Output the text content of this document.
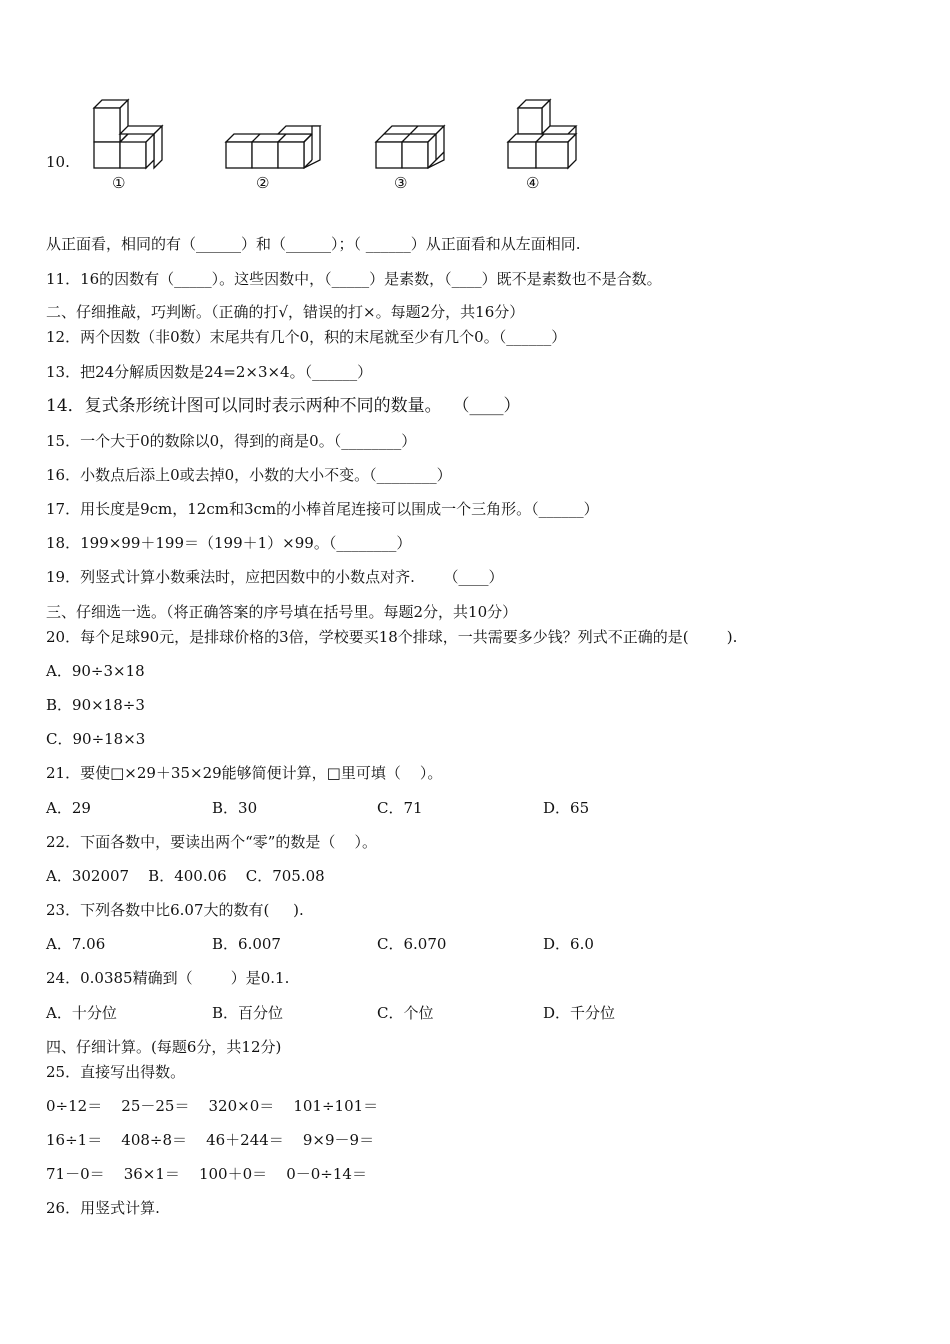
10.
①	②	③	④
从正面看，相同的有（______）和（______）；（ ______）从正面看和从左面相同.
11．16的因数有（_____）。这些因数中，（_____）是素数，（____）既不是素数也不是合数。
二、仔细推敲，巧判断。（正确的打√，错误的打×。每题2分，共16分）
12．两个因数（非0数）末尾共有几个0，积的末尾就至少有几个0。（______）
13．把24分解质因数是24=2×3×4。（______）
14．复式条形统计图可以同时表示两种不同的数量。  （____）
15．一个大于0的数除以0，得到的商是0。（________）
16．小数点后添上0或去掉0，小数的大小不变。（________）
17．用长度是9cm，12cm和3cm的小棒首尾连接可以围成一个三角形。（______）
18．199×99＋199＝（199＋1）×99。（________）
19．列竖式计算小数乘法时，应把因数中的小数点对齐.      （____）
三、仔细选一选。（将正确答案的序号填在括号里。每题2分，共10分）
20．每个足球90元，是排球价格的3倍，学校要买18个排球，一共需要多少钱？列式不正确的是(        ).
A．90÷3×18
B．90×18÷3
C．90÷18×3
21．要使□×29＋35×29能够简便计算，□里可填（    ）。
A．29	B．30	C．71	D．65
22．下面各数中，要读出两个“零”的数是（    ）。
A．302007    B．400.06    C．705.08
23．下列各数中比6.07大的数有(     ).
A．7.06	B．6.007	C．6.070	D．6.0
24．0.0385精确到（        ）是0.1.
A．十分位	B．百分位	C．个位	D．千分位
四、仔细计算。(每题6分，共12分)
25．直接写出得数。
0÷12＝    25－25＝    320×0＝    101÷101＝
16÷1＝    408÷8＝    46＋244＝    9×9－9＝
71－0＝    36×1＝    100＋0＝    0－0÷14＝
26．用竖式计算.
